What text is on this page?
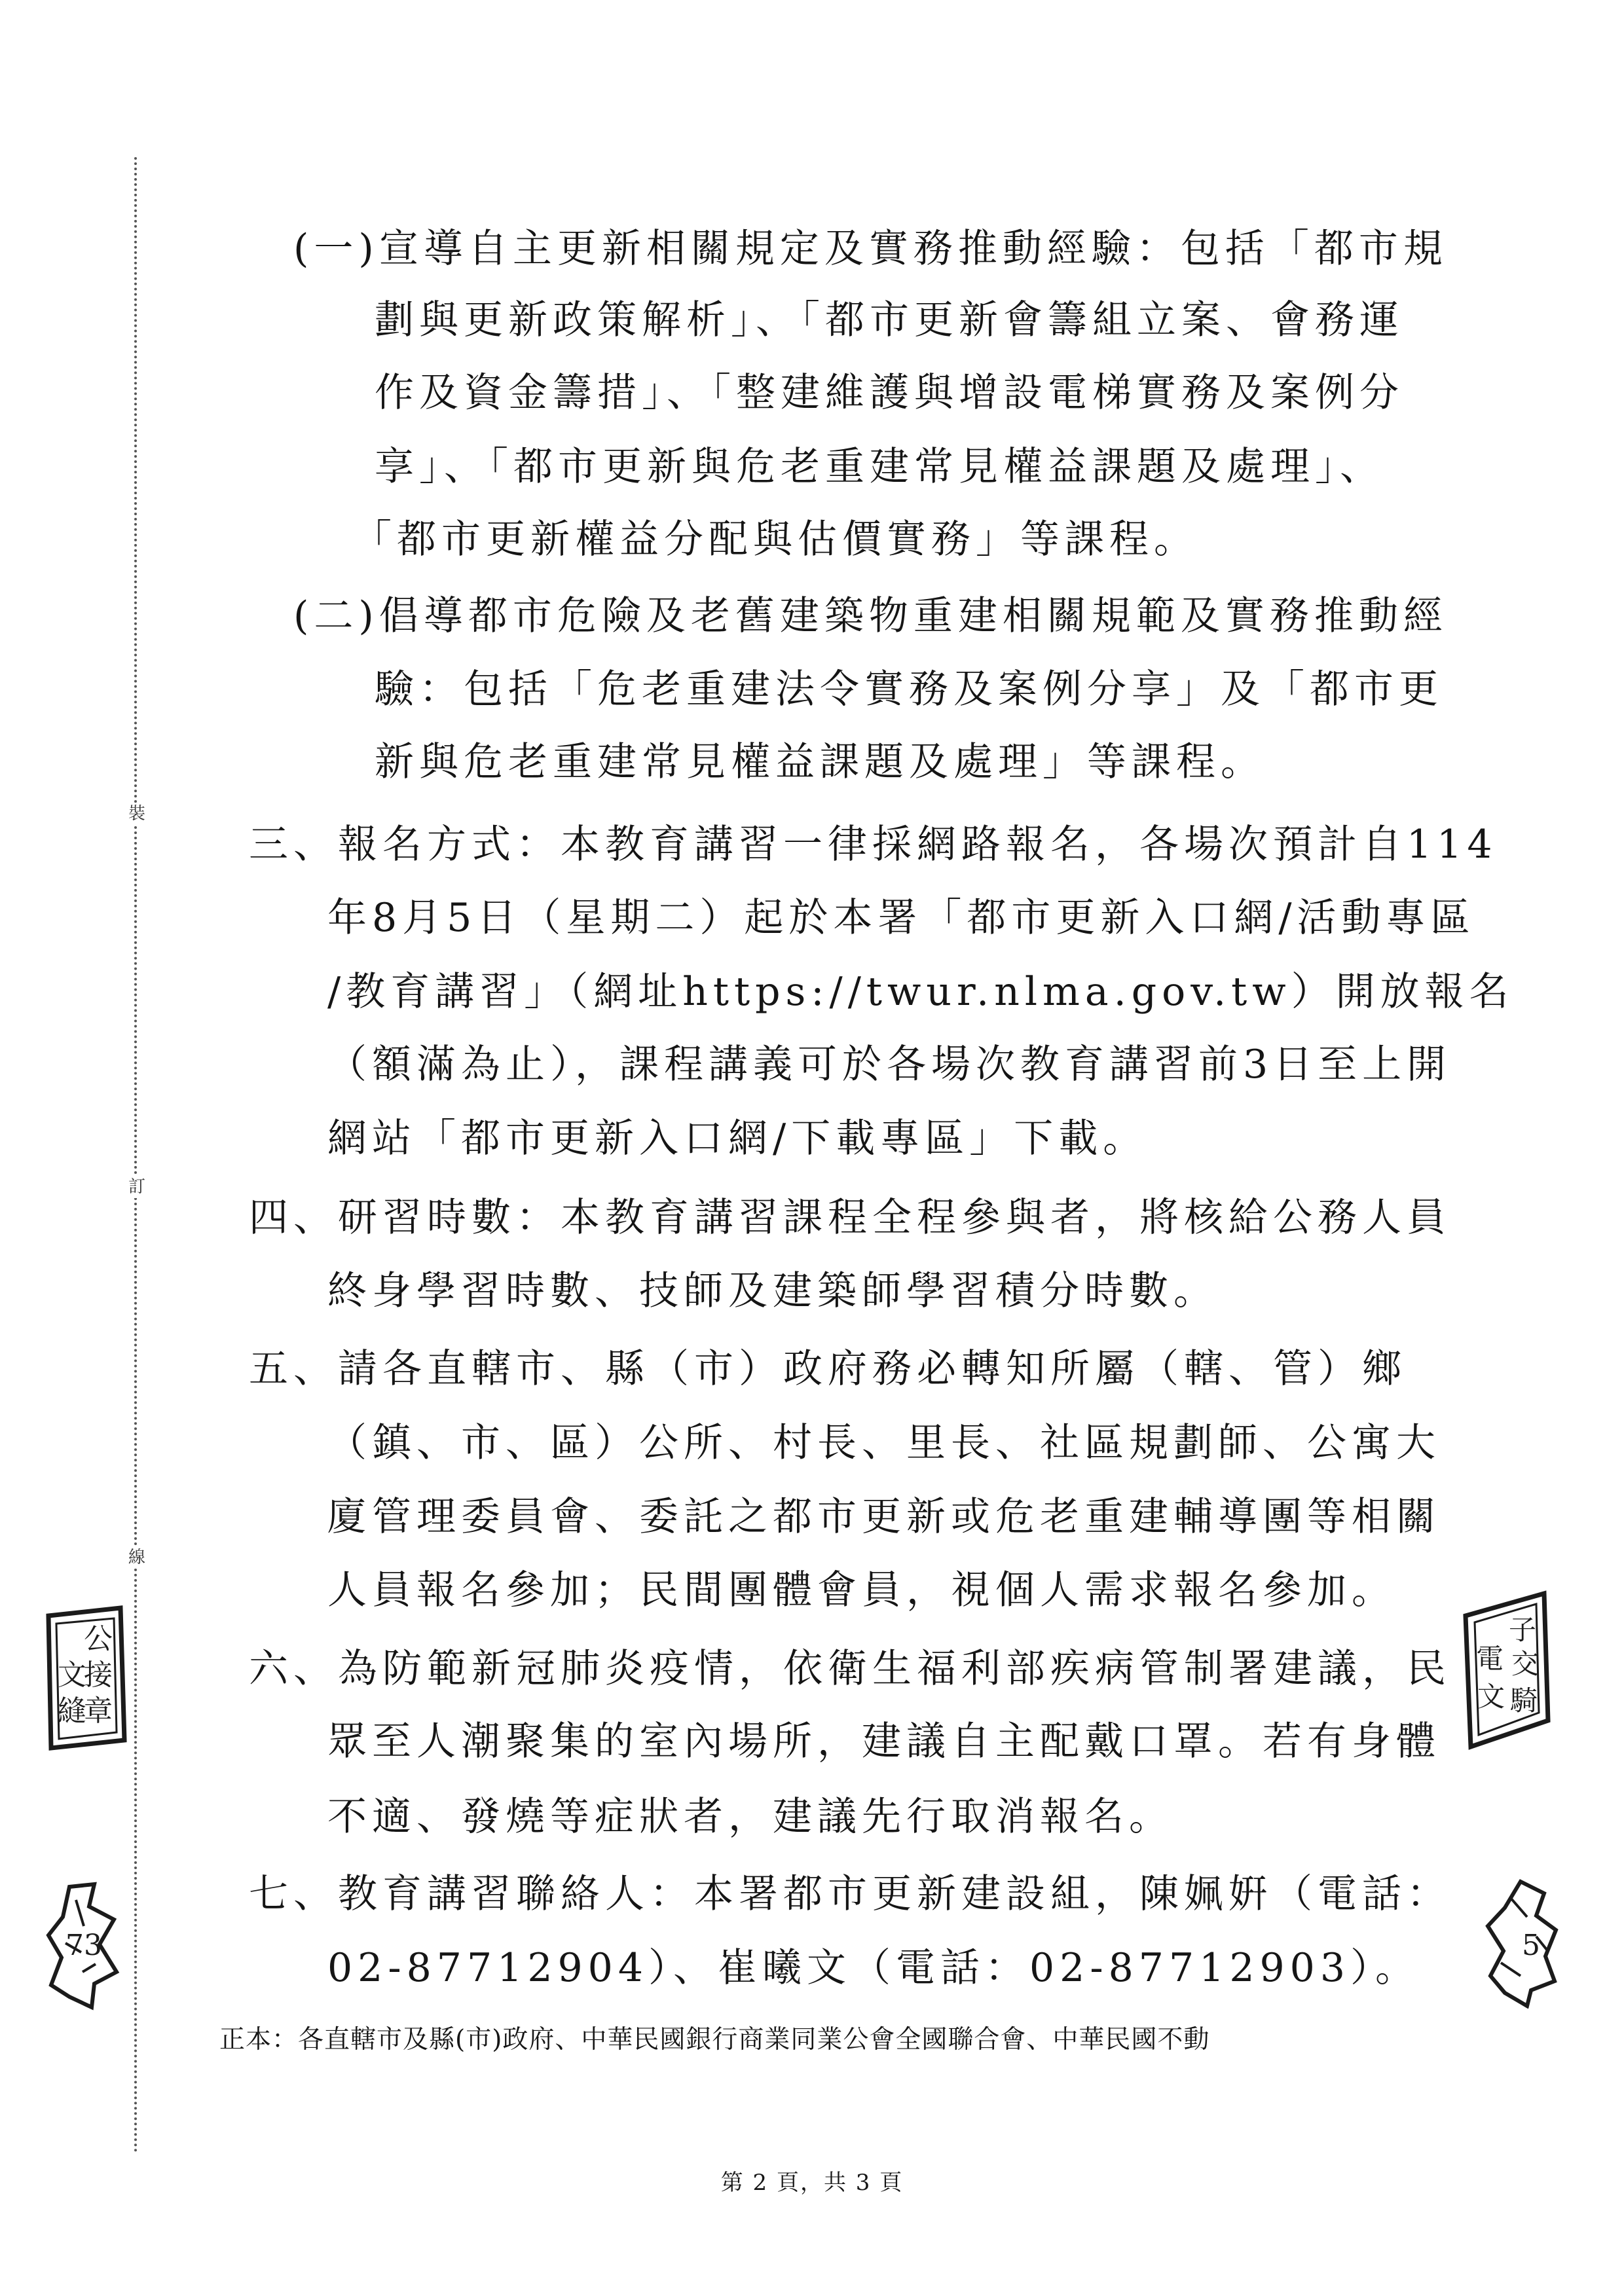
裝
訂
線
(一)宣導自主更新相關規定及實務推動經驗：包括「都市規
劃與更新政策解析」、「都市更新會籌組立案、會務運
作及資金籌措」、「整建維護與增設電梯實務及案例分
享」、「都市更新與危老重建常見權益課題及處理」、
「都市更新權益分配與估價實務」等課程。
(二)倡導都市危險及老舊建築物重建相關規範及實務推動經
驗：包括「危老重建法令實務及案例分享」及「都市更
新與危老重建常見權益課題及處理」等課程。
三、報名方式：本教育講習一律採網路報名，各場次預計自114
年8月5日（星期二）起於本署「都市更新入口網/活動專區
/教育講習」（網址https://twur.nlma.gov.tw）開放報名
（額滿為止），課程講義可於各場次教育講習前3日至上開
網站「都市更新入口網/下載專區」下載。
四、研習時數：本教育講習課程全程參與者，將核給公務人員
終身學習時數、技師及建築師學習積分時數。
五、請各直轄市、縣（市）政府務必轉知所屬（轄、管）鄉
（鎮、市、區）公所、村長、里長、社區規劃師、公寓大
廈管理委員會、委託之都市更新或危老重建輔導團等相關
人員報名參加；民間團體會員，視個人需求報名參加。
六、為防範新冠肺炎疫情，依衛生福利部疾病管制署建議，民
眾至人潮聚集的室內場所，建議自主配戴口罩。若有身體
不適、發燒等症狀者，建議先行取消報名。
七、教育講習聯絡人：本署都市更新建設組，陳姵姸（電話：
02-87712904）、崔曦文（電話：02-87712903）。
正本：各直轄市及縣(市)政府、中華民國銀行商業同業公會全國聯合會、中華民國不動
第 2 頁，共 3 頁
公
接
文
章
縫
電
子
交
文 騎
73	5
